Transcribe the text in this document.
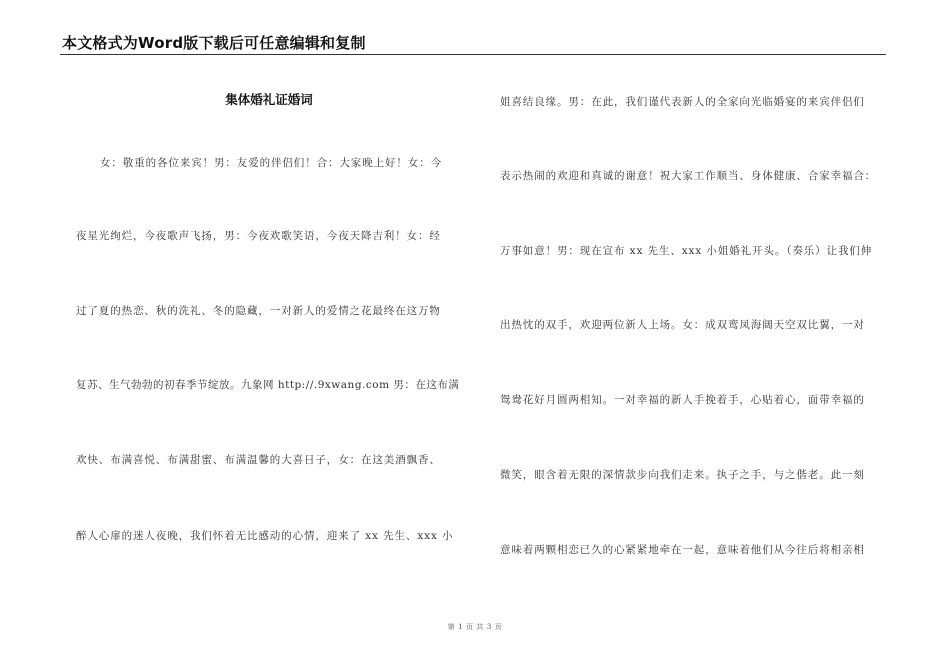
本文格式为Word版下载后可任意编辑和复制
集体婚礼证婚词
女：敬重的各位来宾！男：友爱的伴侣们！合：大家晚上好！女：今
夜星光绚烂，今夜歌声飞扬，男：今夜欢歌笑语，今夜天降吉利！女：经
过了夏的热恋、秋的洗礼、冬的隐藏，一对新人的爱情之花最终在这万物
复苏、生气勃勃的初春季节绽放。九象网 http://.9xwang.com 男：在这布满
欢快、布满喜悦、布满甜蜜、布满温馨的大喜日子，女：在这美酒飘香、
醉人心扉的迷人夜晚，我们怀着无比感动的心情，迎来了 xx 先生、xxx 小
姐喜结良缘。男：在此，我们谨代表新人的全家向光临婚宴的来宾伴侣们
表示热闹的欢迎和真诚的谢意！祝大家工作顺当、身体健康、合家幸福合：
万事如意！男：现在宣布 xx 先生、xxx 小姐婚礼开头。（奏乐）让我们伸
出热忱的双手，欢迎两位新人上场。女：成双鸾凤海阔天空双比翼，一对
鸳鸯花好月圆两相知。一对幸福的新人手挽着手，心贴着心，面带幸福的
微笑，眼含着无限的深情款步向我们走来。执子之手，与之偕老。此一刻
意味着两颗相恋已久的心紧紧地牵在一起，意味着他们从今往后将相亲相
第 1 页 共 3 页
